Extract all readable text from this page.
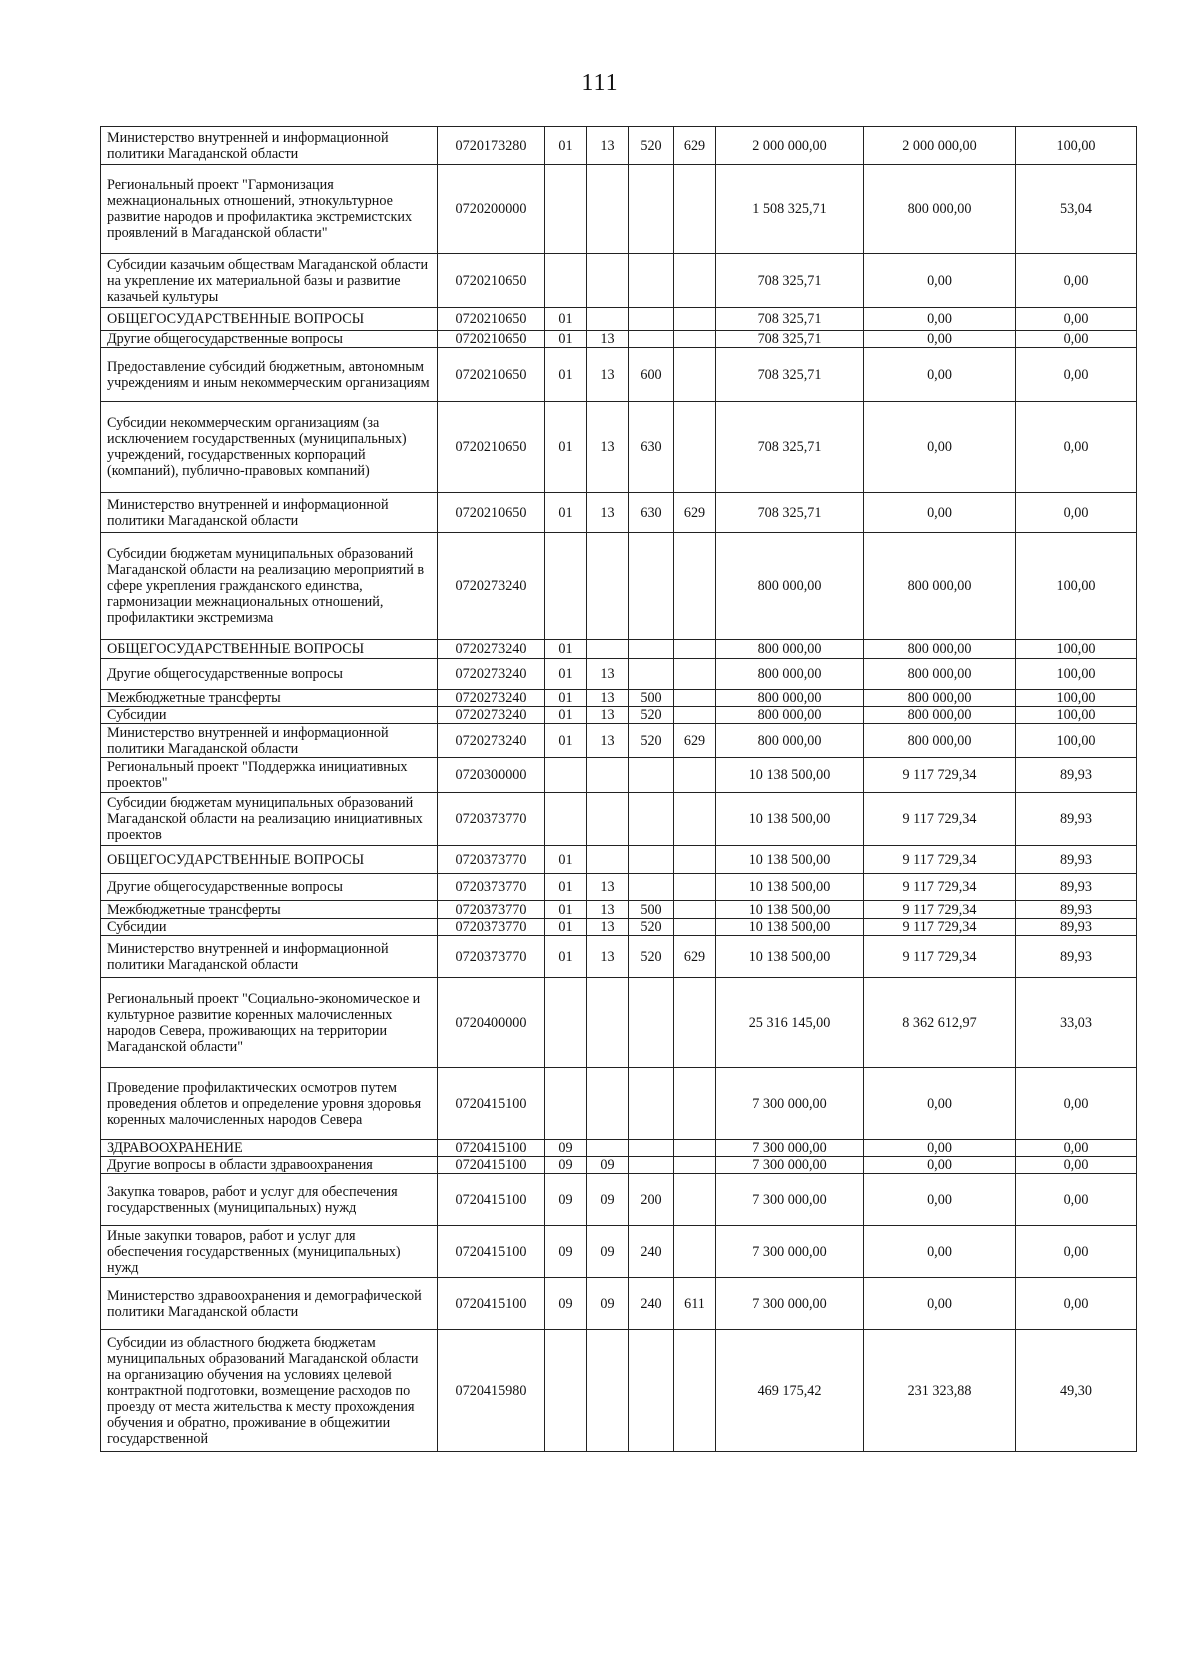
111
Министерство внутренней и информационной политики Магаданской области	0720173280	01	13	520	629	2 000 000,00	2 000 000,00	100,00
Региональный проект "Гармонизация межнациональных отношений, этнокультурное развитие народов и профилактика экстремистских проявлений в Магаданской области"	0720200000					1 508 325,71	800 000,00	53,04
Субсидии казачьим обществам Магаданской области на укрепление их материальной базы и развитие казачьей культуры	0720210650					708 325,71	0,00	0,00
ОБЩЕГОСУДАРСТВЕННЫЕ ВОПРОСЫ	0720210650	01				708 325,71	0,00	0,00
Другие общегосударственные вопросы	0720210650	01	13			708 325,71	0,00	0,00
Предоставление субсидий бюджетным, автономным учреждениям и иным некоммерческим организациям	0720210650	01	13	600		708 325,71	0,00	0,00
Субсидии некоммерческим организациям (за исключением государственных (муниципальных) учреждений, государственных корпораций (компаний), публично-правовых компаний)	0720210650	01	13	630		708 325,71	0,00	0,00
Министерство внутренней и информационной политики Магаданской области	0720210650	01	13	630	629	708 325,71	0,00	0,00
Субсидии бюджетам муниципальных образований Магаданской области на реализацию мероприятий в сфере укрепления гражданского единства, гармонизации межнациональных отношений, профилактики экстремизма	0720273240					800 000,00	800 000,00	100,00
ОБЩЕГОСУДАРСТВЕННЫЕ ВОПРОСЫ	0720273240	01				800 000,00	800 000,00	100,00
Другие общегосударственные вопросы	0720273240	01	13			800 000,00	800 000,00	100,00
Межбюджетные трансферты	0720273240	01	13	500		800 000,00	800 000,00	100,00
Субсидии	0720273240	01	13	520		800 000,00	800 000,00	100,00
Министерство внутренней и информационной политики Магаданской области	0720273240	01	13	520	629	800 000,00	800 000,00	100,00
Региональный проект "Поддержка инициативных проектов"	0720300000					10 138 500,00	9 117 729,34	89,93
Субсидии бюджетам муниципальных образований Магаданской области на реализацию инициативных проектов	0720373770					10 138 500,00	9 117 729,34	89,93
ОБЩЕГОСУДАРСТВЕННЫЕ ВОПРОСЫ	0720373770	01				10 138 500,00	9 117 729,34	89,93
Другие общегосударственные вопросы	0720373770	01	13			10 138 500,00	9 117 729,34	89,93
Межбюджетные трансферты	0720373770	01	13	500		10 138 500,00	9 117 729,34	89,93
Субсидии	0720373770	01	13	520		10 138 500,00	9 117 729,34	89,93
Министерство внутренней и информационной политики Магаданской области	0720373770	01	13	520	629	10 138 500,00	9 117 729,34	89,93
Региональный проект "Социально-экономическое и культурное развитие коренных малочисленных народов Севера, проживающих на территории Магаданской области"	0720400000					25 316 145,00	8 362 612,97	33,03
Проведение профилактических осмотров путем проведения облетов и определение уровня здоровья коренных малочисленных народов Севера	0720415100					7 300 000,00	0,00	0,00
ЗДРАВООХРАНЕНИЕ	0720415100	09				7 300 000,00	0,00	0,00
Другие вопросы в области здравоохранения	0720415100	09	09			7 300 000,00	0,00	0,00
Закупка товаров, работ и услуг для обеспечения государственных (муниципальных) нужд	0720415100	09	09	200		7 300 000,00	0,00	0,00
Иные закупки товаров, работ и услуг для обеспечения государственных (муниципальных) нужд	0720415100	09	09	240		7 300 000,00	0,00	0,00
Министерство здравоохранения и демографической политики Магаданской области	0720415100	09	09	240	611	7 300 000,00	0,00	0,00
Субсидии из областного бюджета бюджетам муниципальных образований Магаданской области на организацию обучения на условиях целевой контрактной подготовки, возмещение расходов по проезду от места жительства к месту прохождения обучения и обратно, проживание в общежитии государственной	0720415980					469 175,42	231 323,88	49,30
